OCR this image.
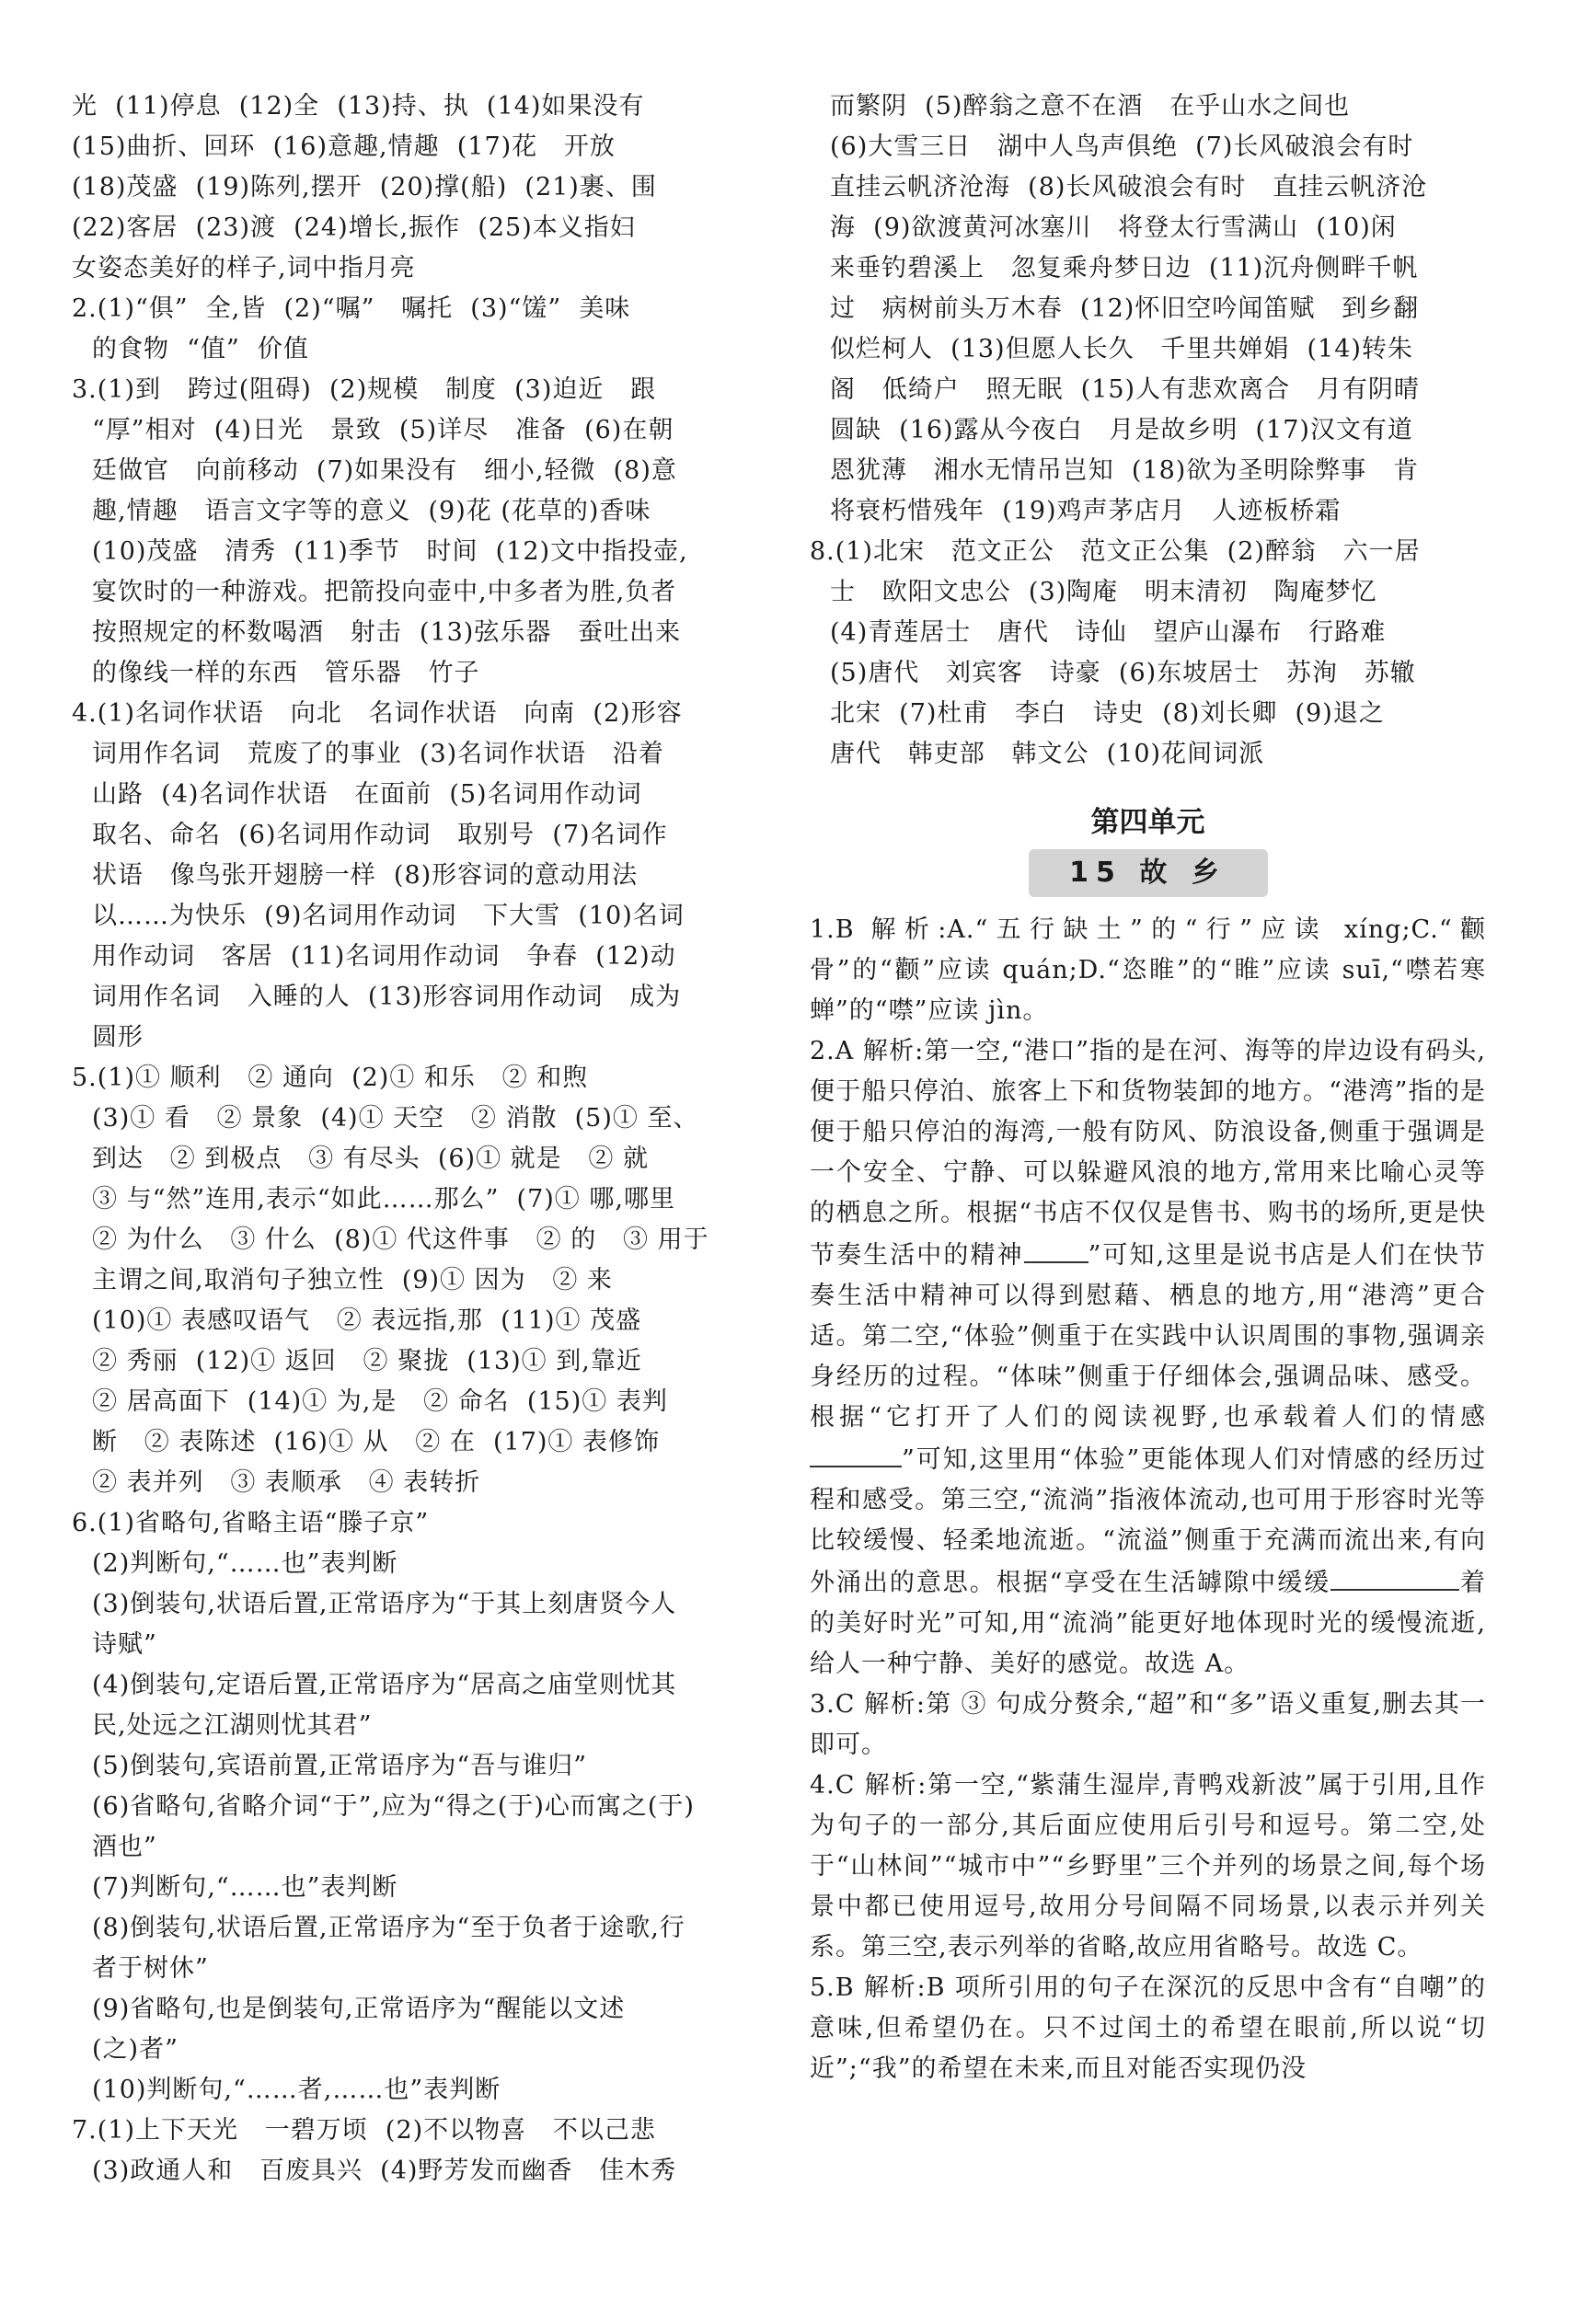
光  (11)停息  (12)全  (13)持、执  (14)如果没有
(15)曲折、回环  (16)意趣,情趣  (17)花   开放
(18)茂盛  (19)陈列,摆开  (20)撑(船)  (21)裹、围
(22)客居  (23)渡  (24)增长,振作  (25)本义指妇
女姿态美好的样子,词中指月亮
2.(1)“俱”  全,皆  (2)“嘱”   嘱托  (3)“馐”  美味
的食物  “值”  价值
3.(1)到   跨过(阻碍)  (2)规模   制度  (3)迫近   跟
“厚”相对  (4)日光   景致  (5)详尽   准备  (6)在朝
廷做官   向前移动  (7)如果没有   细小,轻微  (8)意
趣,情趣   语言文字等的意义  (9)花 (花草的)香味
(10)茂盛   清秀  (11)季节   时间  (12)文中指投壶,
宴饮时的一种游戏。把箭投向壶中,中多者为胜,负者
按照规定的杯数喝酒   射击  (13)弦乐器   蚕吐出来
的像线一样的东西   管乐器   竹子
4.(1)名词作状语   向北   名词作状语   向南  (2)形容
词用作名词   荒废了的事业  (3)名词作状语   沿着
山路  (4)名词作状语   在面前  (5)名词用作动词
取名、命名  (6)名词用作动词   取别号  (7)名词作
状语   像鸟张开翅膀一样  (8)形容词的意动用法
以……为快乐  (9)名词用作动词   下大雪  (10)名词
用作动词   客居  (11)名词用作动词   争春  (12)动
词用作名词   入睡的人  (13)形容词用作动词   成为
圆形
5.(1)① 顺利   ② 通向  (2)① 和乐   ② 和煦
(3)① 看   ② 景象  (4)① 天空   ② 消散  (5)① 至、
到达   ② 到极点   ③ 有尽头  (6)① 就是   ② 就
③ 与“然”连用,表示“如此……那么”  (7)① 哪,哪里
② 为什么   ③ 什么  (8)① 代这件事   ② 的   ③ 用于
主谓之间,取消句子独立性  (9)① 因为   ② 来
(10)① 表感叹语气   ② 表远指,那  (11)① 茂盛
② 秀丽  (12)① 返回   ② 聚拢  (13)① 到,靠近
② 居高面下  (14)① 为,是   ② 命名  (15)① 表判
断   ② 表陈述  (16)① 从   ② 在  (17)① 表修饰
② 表并列   ③ 表顺承   ④ 表转折
6.(1)省略句,省略主语“滕子京”
(2)判断句,“……也”表判断
(3)倒装句,状语后置,正常语序为“于其上刻唐贤今人
诗赋”
(4)倒装句,定语后置,正常语序为“居高之庙堂则忧其
民,处远之江湖则忧其君”
(5)倒装句,宾语前置,正常语序为“吾与谁归”
(6)省略句,省略介词“于”,应为“得之(于)心而寓之(于)
酒也”
(7)判断句,“……也”表判断
(8)倒装句,状语后置,正常语序为“至于负者于途歌,行
者于树休”
(9)省略句,也是倒装句,正常语序为“醒能以文述
(之)者”
(10)判断句,“……者,……也”表判断
7.(1)上下天光   一碧万顷  (2)不以物喜   不以己悲
(3)政通人和   百废具兴  (4)野芳发而幽香   佳木秀
而繁阴  (5)醉翁之意不在酒   在乎山水之间也
(6)大雪三日   湖中人鸟声俱绝  (7)长风破浪会有时
直挂云帆济沧海  (8)长风破浪会有时   直挂云帆济沧
海  (9)欲渡黄河冰塞川   将登太行雪满山  (10)闲
来垂钓碧溪上   忽复乘舟梦日边  (11)沉舟侧畔千帆
过   病树前头万木春  (12)怀旧空吟闻笛赋   到乡翻
似烂柯人  (13)但愿人长久   千里共婵娟  (14)转朱
阁   低绮户   照无眠  (15)人有悲欢离合   月有阴晴
圆缺  (16)露从今夜白   月是故乡明  (17)汉文有道
恩犹薄   湘水无情吊岂知  (18)欲为圣明除弊事   肯
将衰朽惜残年  (19)鸡声茅店月   人迹板桥霜
8.(1)北宋   范文正公   范文正公集  (2)醉翁   六一居
士   欧阳文忠公  (3)陶庵   明末清初   陶庵梦忆
(4)青莲居士   唐代   诗仙   望庐山瀑布   行路难
(5)唐代   刘宾客   诗豪  (6)东坡居士   苏洵   苏辙
北宋  (7)杜甫   李白   诗史  (8)刘长卿  (9)退之
唐代   韩吏部   韩文公  (10)花间词派
第四单元
15 故 乡

1.B 解析:A.“五行缺土”的“行”应读 xíng;C.“颧骨”的“颧”应读 quán;D.“恣睢”的“睢”应读 suī,“噤若寒蝉”的“噤”应读 jìn。

2.A 解析:第一空,“港口”指的是在河、海等的岸边设有码头,便于船只停泊、旅客上下和货物装卸的地方。“港湾”指的是便于船只停泊的海湾,一般有防风、防浪设备,侧重于强调是一个安全、宁静、可以躲避风浪的地方,常用来比喻心灵等的栖息之所。根据“书店不仅仅是售书、购书的场所,更是快节奏生活中的精神	”可知,这里是说书店是人们在快节奏生活中精神可以得到慰藉、栖息的地方,用“港湾”更合适。第二空,“体验”侧重于在实践中认识周围的事物,强调亲身经历的过程。“体味”侧重于仔细体会,强调品味、感受。根据“它打开了人们的阅读视野,也承载着人们的情感”可知,这里用“体验”更能体现人们对情感的经历过程和感受。第三空,“流淌”指液体流动,也可用于形容时光等比较缓慢、轻柔地流逝。“流溢”侧重于充满而流出来,有向外涌出的意思。根据“享受在生活罅隙中缓缓	着的美好时光”可知,用“流淌”能更好地体现时光的缓慢流逝,给人一种宁静、美好的感觉。故选 A。

3.C 解析:第 ③ 句成分赘余,“超”和“多”语义重复,删去其一即可。

4.C 解析:第一空,“紫蒲生湿岸,青鸭戏新波”属于引用,且作为句子的一部分,其后面应使用后引号和逗号。第二空,处于“山林间”“城市中”“乡野里”三个并列的场景之间,每个场景中都已使用逗号,故用分号间隔不同场景,以表示并列关系。第三空,表示列举的省略,故应用省略号。故选 C。

5.B 解析:B 项所引用的句子在深沉的反思中含有“自嘲”的意味,但希望仍在。只不过闰土的希望在眼前,所以说“切近”;“我”的希望在未来,而且对能否实现仍没
